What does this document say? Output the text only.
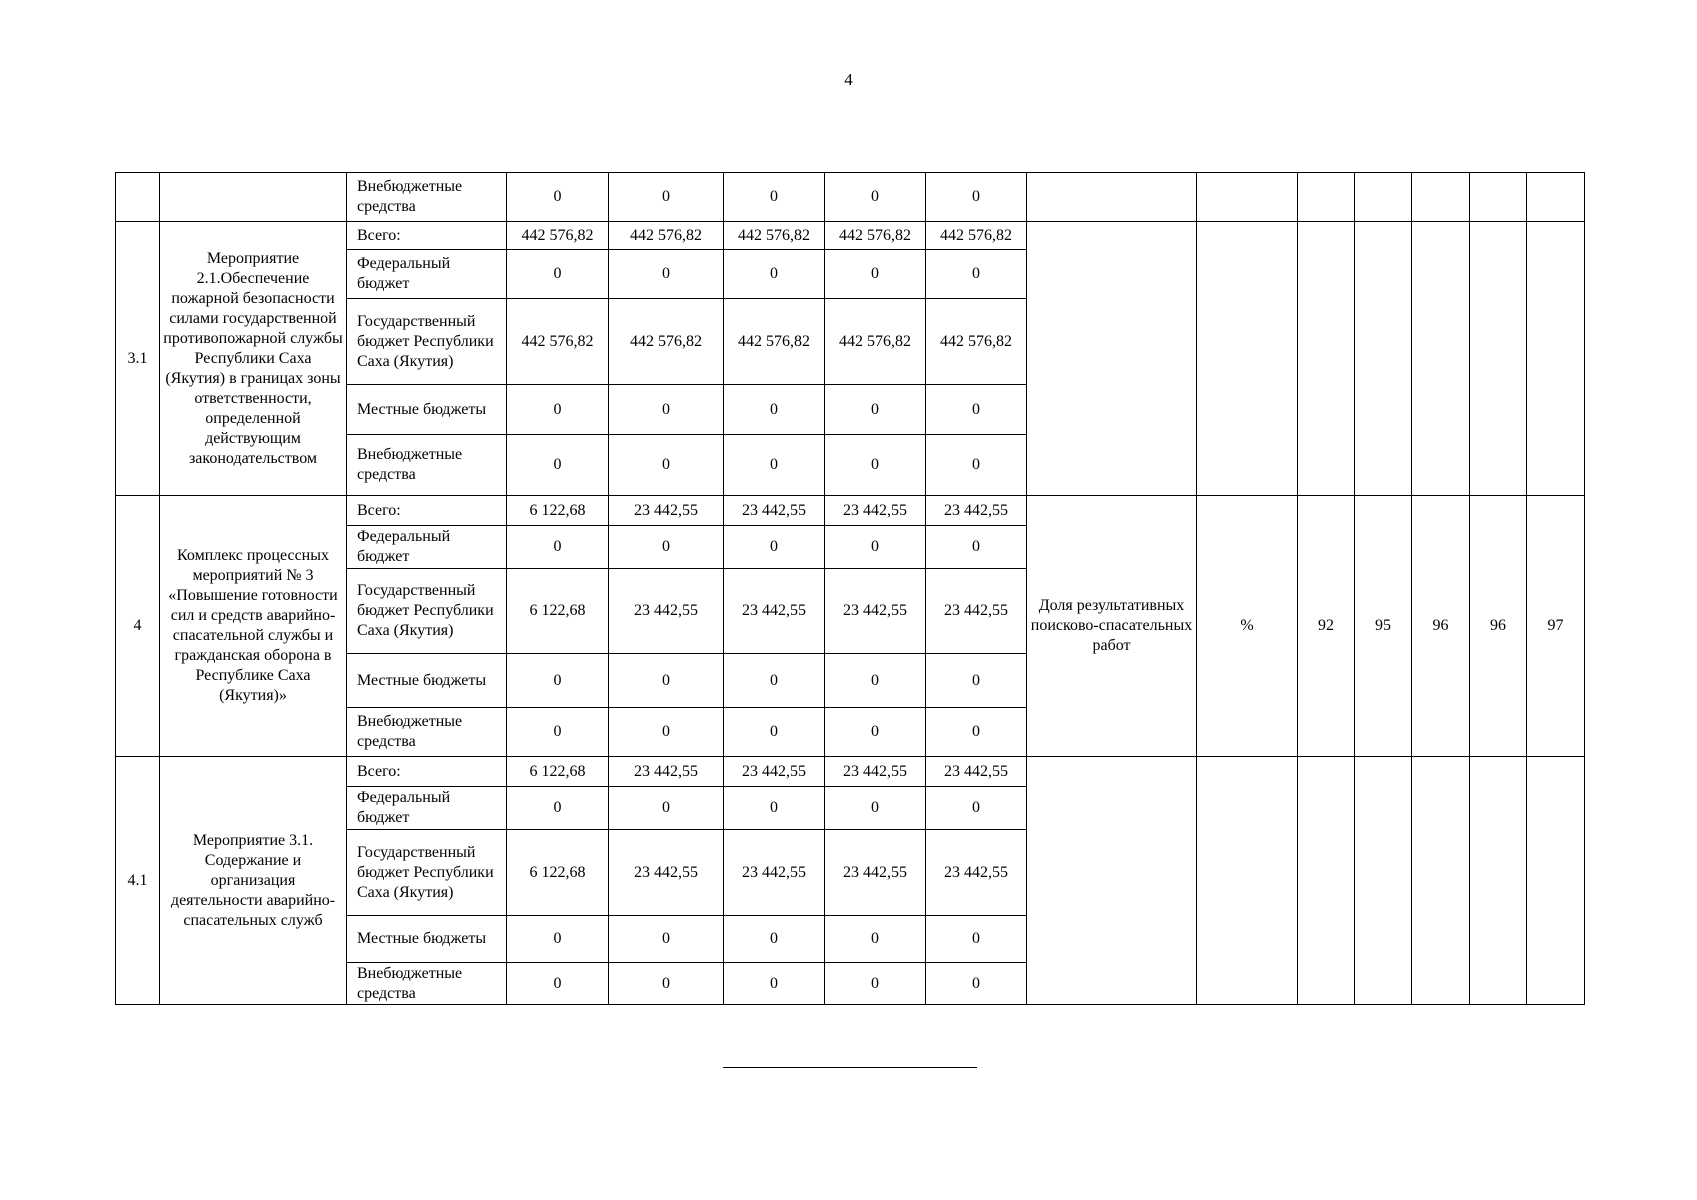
4
		Внебюджетные средства	0	0	0	0	0							
3.1	Мероприятие 2.1.Обеспечение пожарной безопасности силами государственной противопожарной службы Республики Саха (Якутия) в границах зоны ответственности, определенной действующим законодательством	Всего:	442 576,82	442 576,82	442 576,82	442 576,82	442 576,82							
		Федеральный бюджет	0	0	0	0	0							
		Государственный бюджет Республики Саха (Якутия)	442 576,82	442 576,82	442 576,82	442 576,82	442 576,82							
		Местные бюджеты	0	0	0	0	0							
		Внебюджетные средства	0	0	0	0	0							
4	Комплекс процессных мероприятий № 3 «Повышение готовности сил и средств аварийно-спасательной службы и гражданская оборона в Республике Саха (Якутия)»	Всего:	6 122,68	23 442,55	23 442,55	23 442,55	23 442,55	Доля результативных поисково-спасательных работ	%	92	95	96	96	97
		Федеральный бюджет	0	0	0	0	0							
		Государственный бюджет Республики Саха (Якутия)	6 122,68	23 442,55	23 442,55	23 442,55	23 442,55							
		Местные бюджеты	0	0	0	0	0							
		Внебюджетные средства	0	0	0	0	0							
4.1	Мероприятие 3.1. Содержание и организация деятельности аварийно-спасательных служб	Всего:	6 122,68	23 442,55	23 442,55	23 442,55	23 442,55							
		Федеральный бюджет	0	0	0	0	0							
		Государственный бюджет Республики Саха (Якутия)	6 122,68	23 442,55	23 442,55	23 442,55	23 442,55							
		Местные бюджеты	0	0	0	0	0							
		Внебюджетные средства	0	0	0	0	0							
